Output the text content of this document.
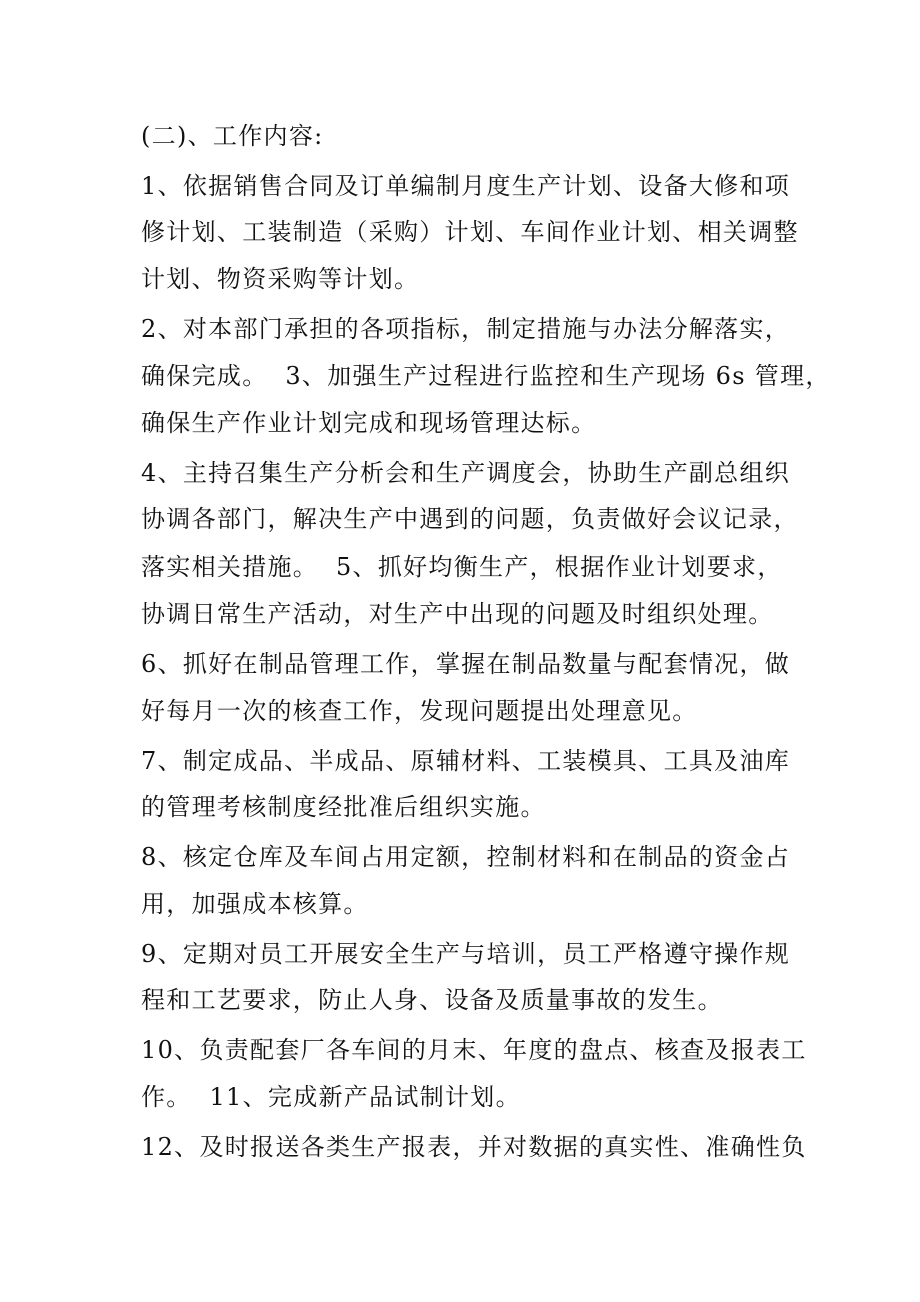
(二)、工作内容:
1、依据销售合同及订单编制月度生产计划、设备大修和项
修计划、工装制造（采购）计划、车间作业计划、相关调整
计划、物资采购等计划。
2、对本部门承担的各项指标，制定措施与办法分解落实，
确保完成。  3、加强生产过程进行监控和生产现场 6s 管理，
确保生产作业计划完成和现场管理达标。
4、主持召集生产分析会和生产调度会，协助生产副总组织
协调各部门，解决生产中遇到的问题，负责做好会议记录，
落实相关措施。  5、抓好均衡生产，根据作业计划要求，
协调日常生产活动，对生产中出现的问题及时组织处理。
6、抓好在制品管理工作，掌握在制品数量与配套情况，做
好每月一次的核查工作，发现问题提出处理意见。
7、制定成品、半成品、原辅材料、工装模具、工具及油库
的管理考核制度经批准后组织实施。
8、核定仓库及车间占用定额，控制材料和在制品的资金占
用，加强成本核算。
9、定期对员工开展安全生产与培训，员工严格遵守操作规
程和工艺要求，防止人身、设备及质量事故的发生。
10、负责配套厂各车间的月末、年度的盘点、核查及报表工
作。  11、完成新产品试制计划。
12、及时报送各类生产报表，并对数据的真实性、准确性负
